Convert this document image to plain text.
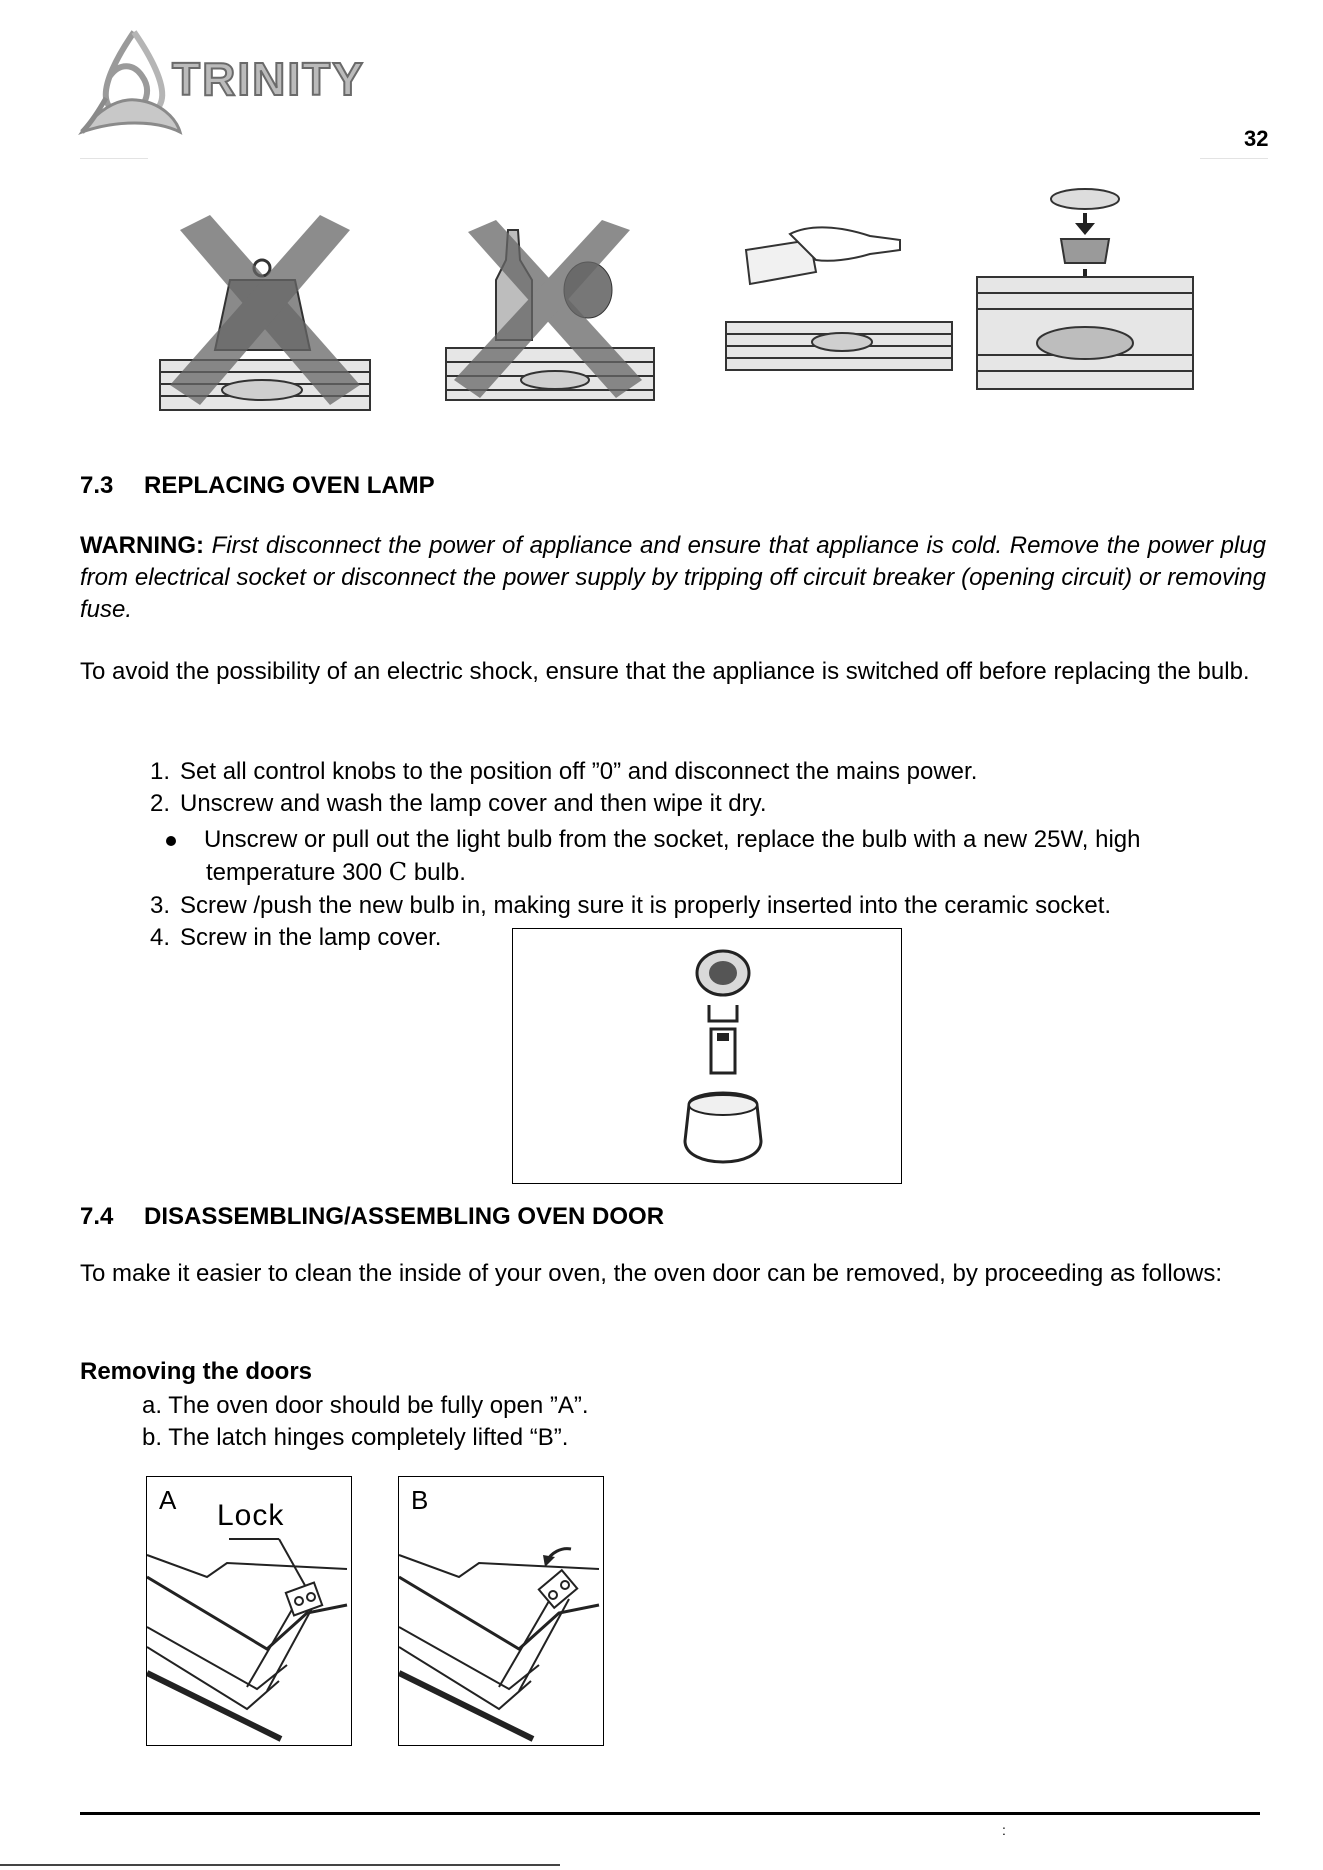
TRINITY
32
7.3 REPLACING OVEN LAMP
WARNING: First disconnect the power of appliance and ensure that appliance is cold. Remove the power plug from electrical socket or disconnect the power supply by tripping off circuit breaker (opening circuit) or removing fuse.
To avoid the possibility of an electric shock, ensure that the appliance is switched off before replacing the bulb.
1. Set all control knobs to the position off ”0” and disconnect the mains power.
2. Unscrew and wash the lamp cover and then wipe it dry.
Unscrew or pull out the light bulb from the socket, replace the bulb with a new 25W, high
temperature 300 C bulb.
3. Screw /push the new bulb in, making sure it is properly inserted into the ceramic socket.
4. Screw in the lamp cover.
7.4 DISASSEMBLING/ASSEMBLING OVEN DOOR
To make it easier to clean the inside of your oven, the oven door can be removed, by proceeding as follows:
Removing the doors
a. The oven door should be fully open ”A”.
b. The latch hinges completely lifted “B”.
A Lock	B
:
